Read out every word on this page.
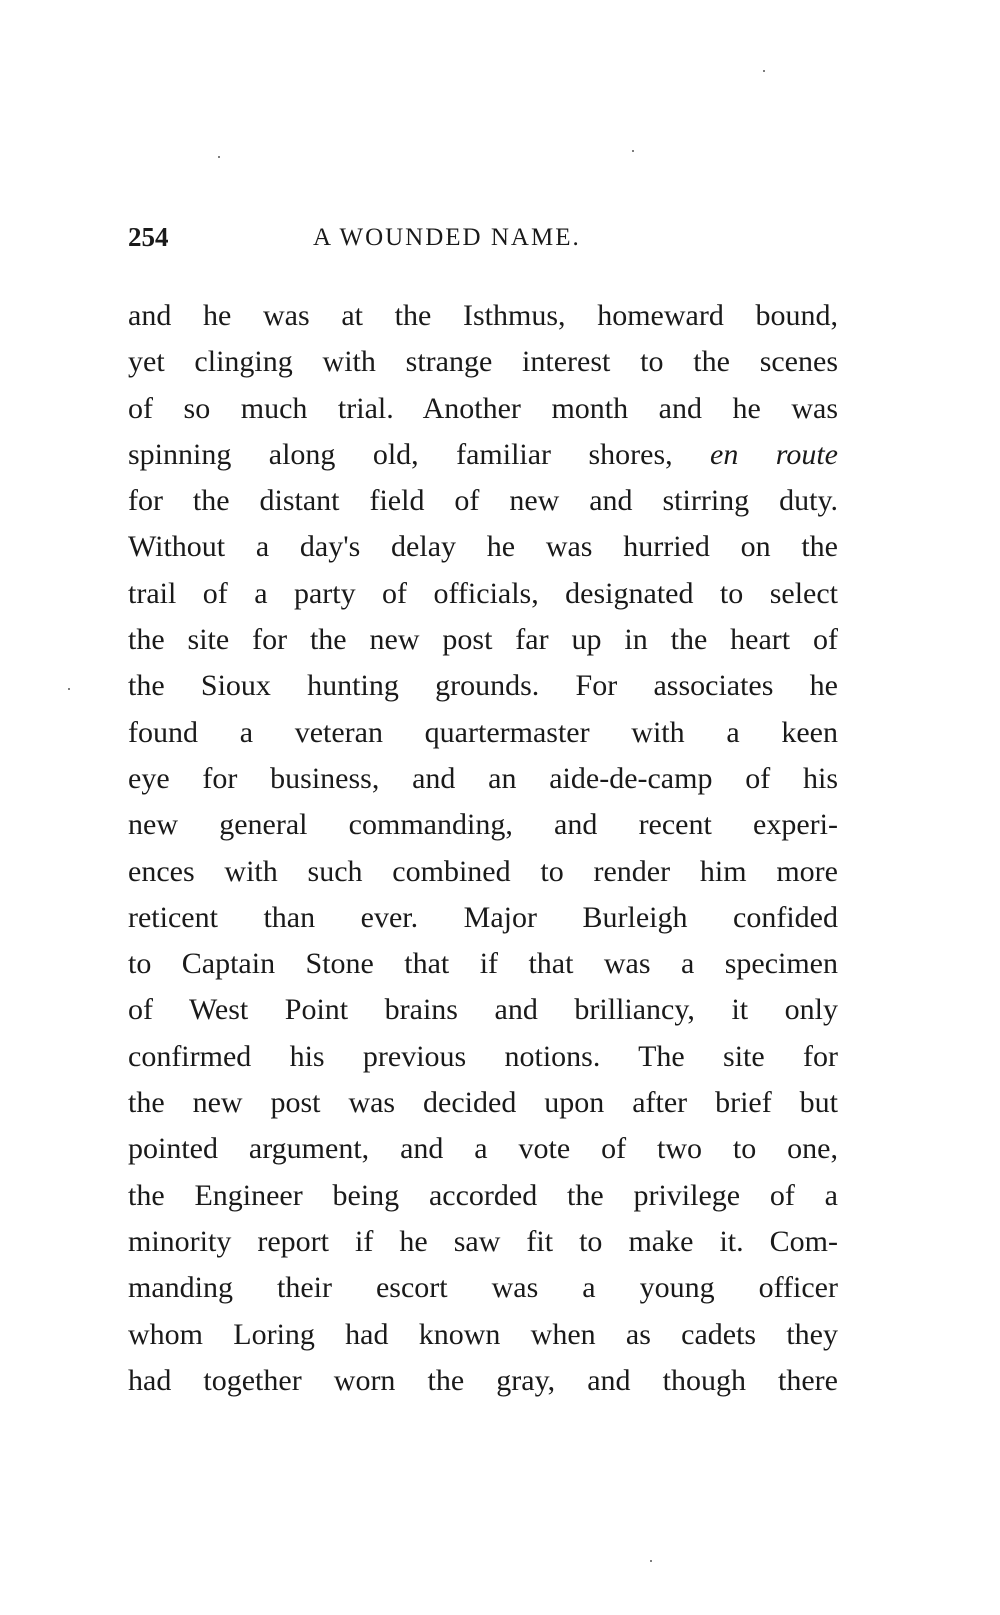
254	A WOUNDED NAME.
and he was at the Isthmus, homeward bound,
yet clinging with strange interest to the scenes
of so much trial. Another month and he was
spinning along old, familiar shores, en route
for the distant field of new and stirring duty.
Without a day's delay he was hurried on the
trail of a party of officials, designated to select
the site for the new post far up in the heart of
the Sioux hunting grounds. For associates he
found a veteran quartermaster with a keen
eye for business, and an aide-de-camp of his
new general commanding, and recent experi-
ences with such combined to render him more
reticent than ever. Major Burleigh confided
to Captain Stone that if that was a specimen
of West Point brains and brilliancy, it only
confirmed his previous notions. The site for
the new post was decided upon after brief but
pointed argument, and a vote of two to one,
the Engineer being accorded the privilege of a
minority report if he saw fit to make it. Com-
manding their escort was a young officer
whom Loring had known when as cadets they
had together worn the gray, and though there
